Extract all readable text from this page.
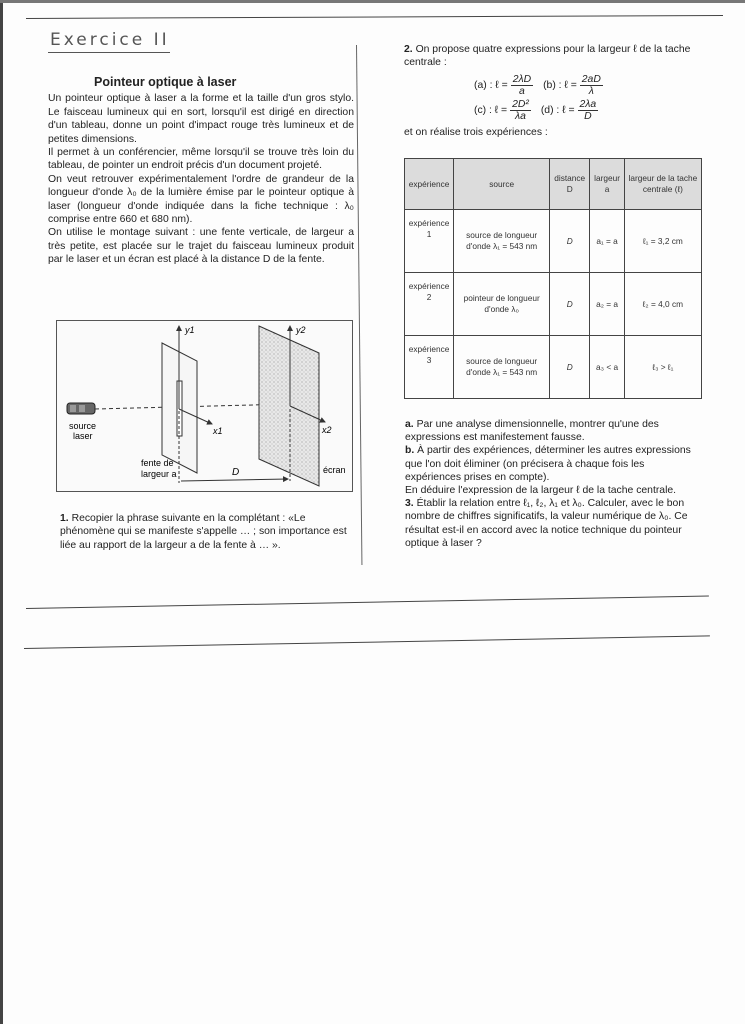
Exercice II
Pointeur optique à laser

Un pointeur optique à laser a la forme et la taille d'un gros stylo. Le faisceau lumineux qui en sort, lorsqu'il est dirigé en direction d'un tableau, donne un point d'impact rouge très lumineux et de petites dimensions.

Il permet à un conférencier, même lorsqu'il se trouve très loin du tableau, de pointer un endroit précis d'un document projeté.

On veut retrouver expérimentalement l'ordre de grandeur de la longueur d'onde λ₀ de la lumière émise par le pointeur optique à laser (longueur d'onde indiquée dans la fiche technique : λ₀ comprise entre 660 et 680 nm).

On utilise le montage suivant : une fente verticale, de largeur a très petite, est placée sur le trajet du faisceau lumineux produit par le laser et un écran est placé à la distance D de la fente.

source
laser
y1
x1
fente de
largeur a
y2
x2
écran
D
1. Recopier la phrase suivante en la complétant : «Le phénomène qui se manifeste s'appelle … ; son importance est liée au rapport de la largeur a de la fente à … ».

2. On propose quatre expressions pour la largeur ℓ de la tache centrale :

(a) : ℓ = $\frac{2\lambda D}{a} (b)$ : ℓ = $\frac{2aD}{\lambda}$
(c) : ℓ = $\frac{\text{2D²}}{\lambda a} (d)$ : ℓ = $\frac{2\lambda a}{D}$

et on réalise trois expériences :

expérience	source	distance D	largeur a	largeur de la tache centrale (ℓ)
expérience 1	source de longueur d'onde λ₁ = 543 nm	D	a₁ = a	ℓ₁ = 3,2 cm
expérience 2	pointeur de longueur d'onde λ₀	D	a₂ = a	ℓ₂ = 4,0 cm
expérience 3	source de longueur d'onde λ₁ = 543 nm	D	a₃ < a	ℓ₃ > ℓ₁

a. Par une analyse dimensionnelle, montrer qu'une des expressions est manifestement fausse.

b. À partir des expériences, déterminer les autres expressions que l'on doit éliminer (on précisera à chaque fois les expériences prises en compte).

En déduire l'expression de la largeur ℓ de la tache centrale.

3. Établir la relation entre ℓ₁, ℓ₂, λ₁ et λ₀. Calculer, avec le bon nombre de chiffres significatifs, la valeur numérique de λ₀. Ce résultat est-il en accord avec la notice technique du pointeur optique à laser ?
